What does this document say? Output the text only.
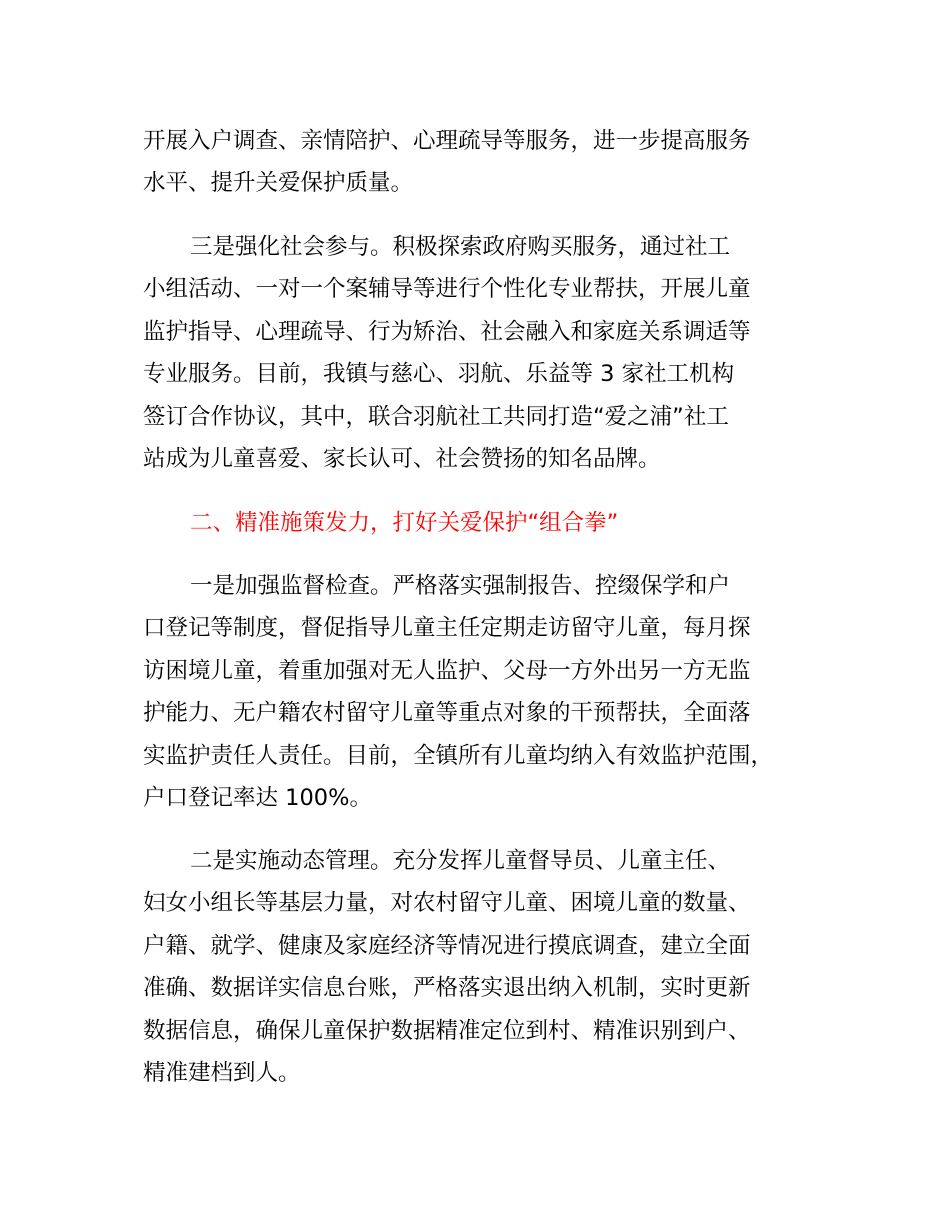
开展入户调查、亲情陪护、心理疏导等服务，进一步提高服务
水平、提升关爱保护质量。
三是强化社会参与。积极探索政府购买服务，通过社工
小组活动、一对一个案辅导等进行个性化专业帮扶，开展儿童
监护指导、心理疏导、行为矫治、社会融入和家庭关系调适等
专业服务。目前，我镇与慈心、羽航、乐益等 3 家社工机构
签订合作协议，其中，联合羽航社工共同打造“爱之浦”社工
站成为儿童喜爱、家长认可、社会赞扬的知名品牌。
二、精准施策发力，打好关爱保护“组合拳”
一是加强监督检查。严格落实强制报告、控缀保学和户
口登记等制度，督促指导儿童主任定期走访留守儿童，每月探
访困境儿童，着重加强对无人监护、父母一方外出另一方无监
护能力、无户籍农村留守儿童等重点对象的干预帮扶，全面落
实监护责任人责任。目前，全镇所有儿童均纳入有效监护范围，
户口登记率达 100%。
二是实施动态管理。充分发挥儿童督导员、儿童主任、
妇女小组长等基层力量，对农村留守儿童、困境儿童的数量、
户籍、就学、健康及家庭经济等情况进行摸底调查，建立全面
准确、数据详实信息台账，严格落实退出纳入机制，实时更新
数据信息，确保儿童保护数据精准定位到村、精准识别到户、
精准建档到人。
